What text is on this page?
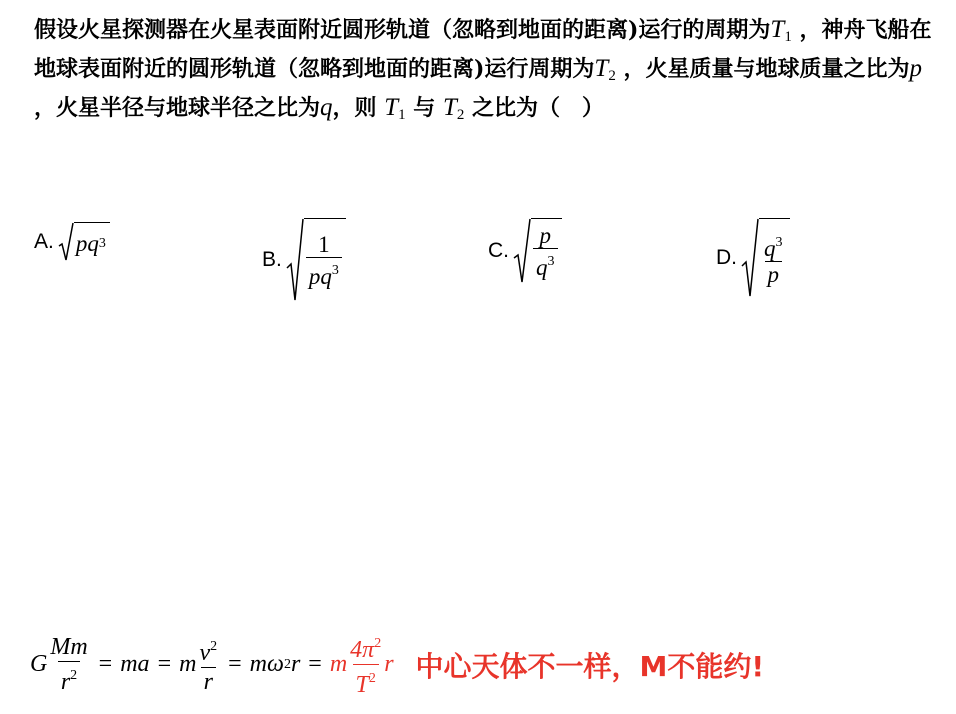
假设火星探测器在火星表面附近圆形轨道（忽略到地面的距离)运行的周期为$T_1$ ，神舟飞船在地球表面附近的圆形轨道（忽略到地面的距离)运行周期为$T_2$ ，火星质量与地球质量之比为p ，火星半径与地球半径之比为q，则 $T_1$ 与 $T_2$ 之比为（　）
A. pq 3
B. $\frac{1}{pq^3}$	C. $\frac{p}{q^3}$	D. $\frac{q^3}{p}$
G $\frac{Mm}{r^2}$ = ma = m $\frac{v^2}{r} = m\omega$ 2 r = m $\frac{4\pi^2}{T^2}$ r 中心天体不一样，M不能约!
